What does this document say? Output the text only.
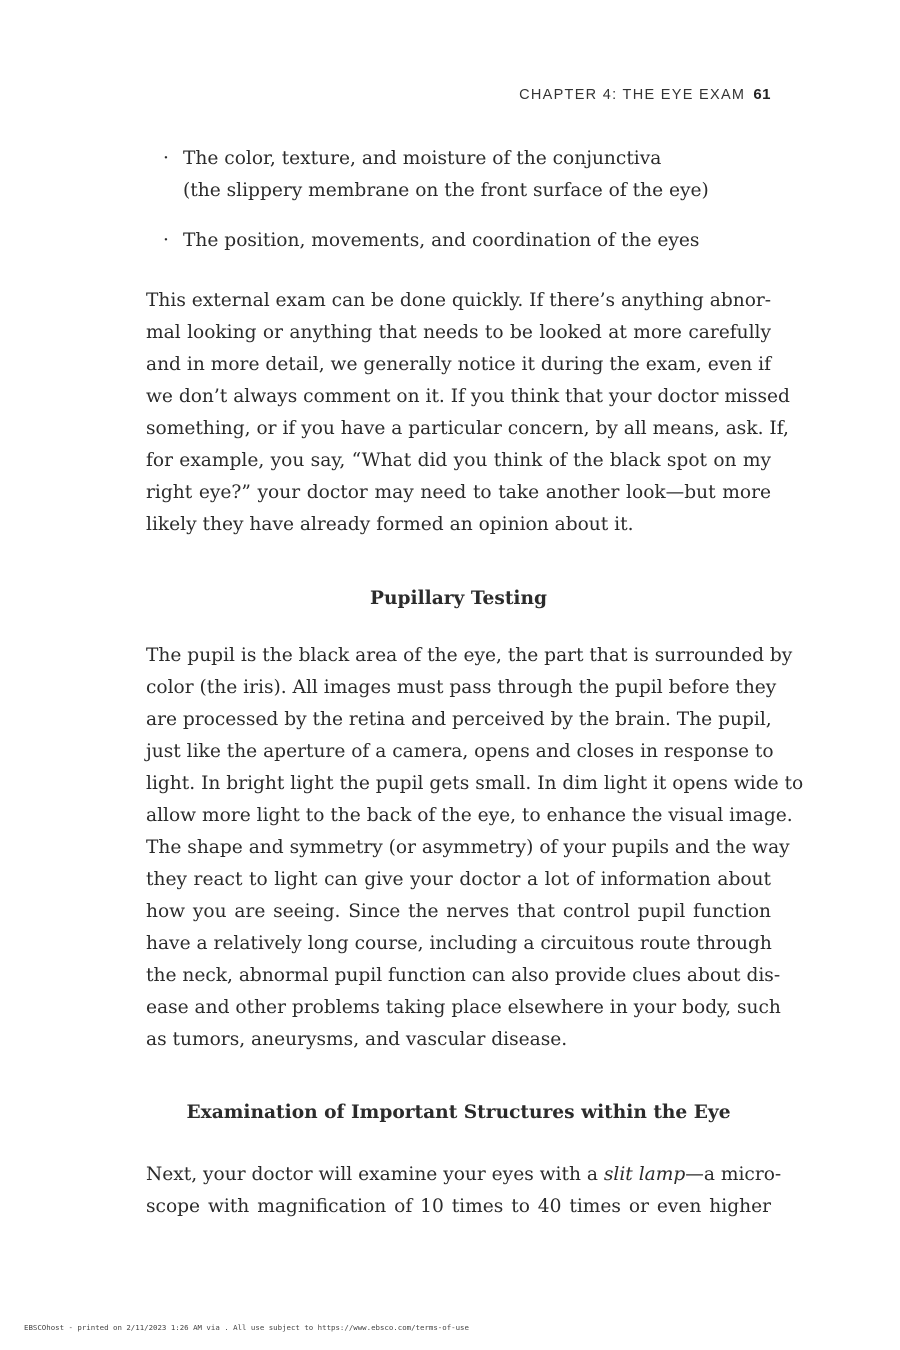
CHAPTER 4: THE EYE EXAM 61
· The color, texture, and moisture of the conjunctiva
(the slippery membrane on the front surface of the eye)
· The position, movements, and coordination of the eyes
This external exam can be done quickly. If there’s anything abnor-
mal looking or anything that needs to be looked at more carefully
and in more detail, we generally notice it during the exam, even if
we don’t always comment on it. If you think that your doctor missed
something, or if you have a particular concern, by all means, ask. If,
for example, you say, “What did you think of the black spot on my
right eye?” your doctor may need to take another look—but more
likely they have already formed an opinion about it.
Pupillary Testing
The pupil is the black area of the eye, the part that is surrounded by
color (the iris). All images must pass through the pupil before they
are processed by the retina and perceived by the brain. The pupil,
just like the aperture of a camera, opens and closes in response to
light. In bright light the pupil gets small. In dim light it opens wide to
allow more light to the back of the eye, to enhance the visual image.
The shape and symmetry (or asymmetry) of your pupils and the way
they react to light can give your doctor a lot of information about
how you are seeing. Since the nerves that control pupil function
have a relatively long course, including a circuitous route through
the neck, abnormal pupil function can also provide clues about dis-
ease and other problems taking place elsewhere in your body, such
as tumors, aneurysms, and vascular disease.
Examination of Important Structures within the Eye
Next, your doctor will examine your eyes with a slit lamp—a micro-
scope with magnification of 10 times to 40 times or even higher
EBSCOhost - printed on 2/11/2023 1:26 AM via . All use subject to https://www.ebsco.com/terms-of-use
